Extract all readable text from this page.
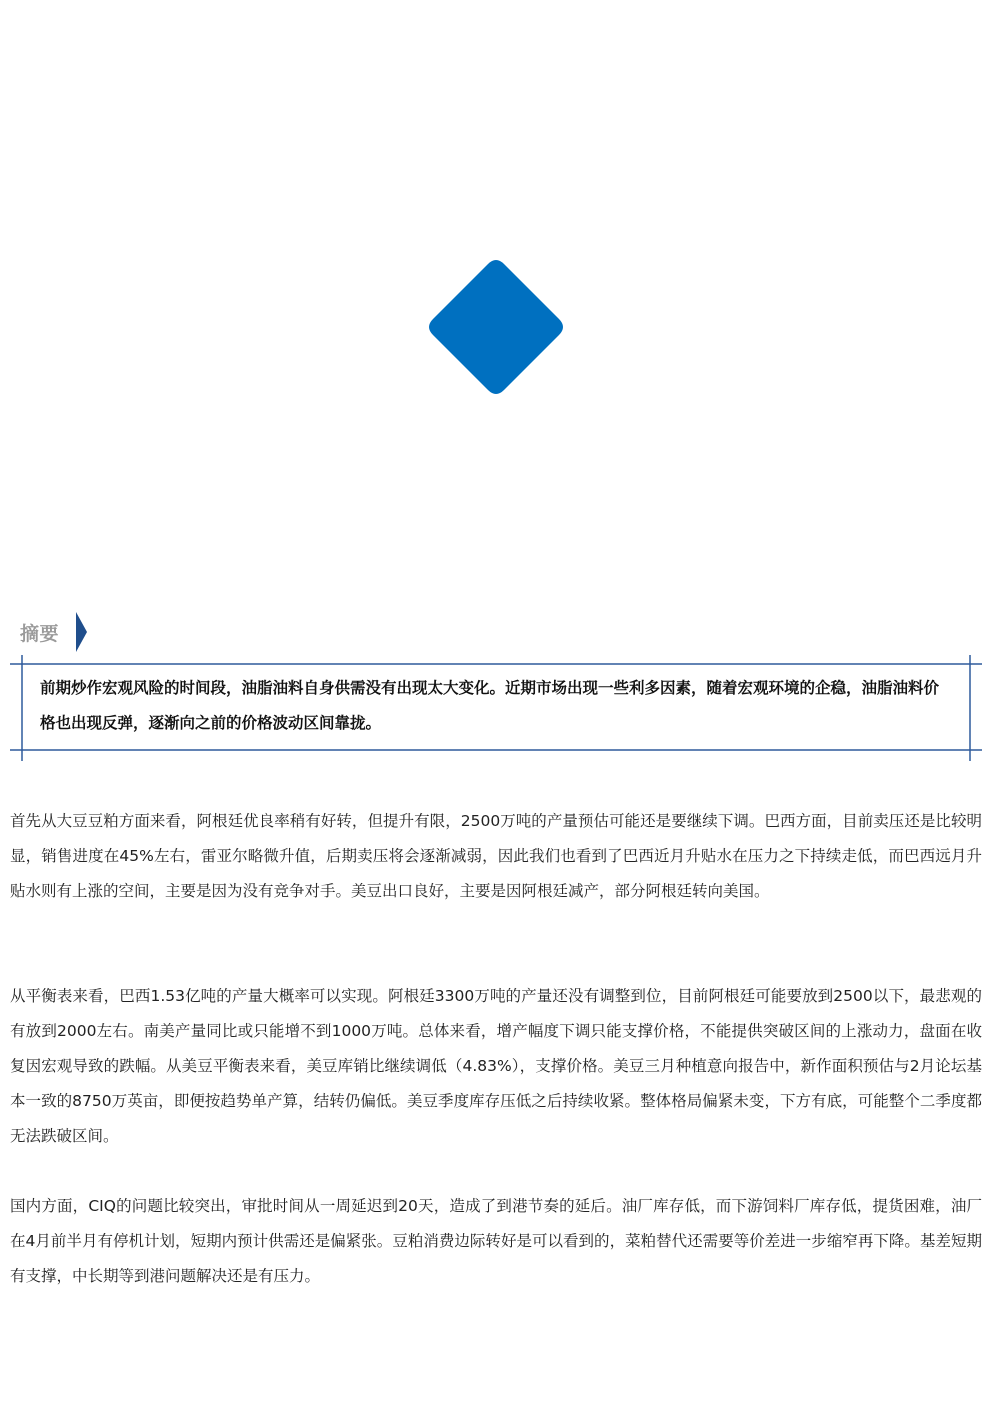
摘要

前期炒作宏观风险的时间段，油脂油料自身供需没有出现太大变化。近期市场出现一些利多因素，随着宏观环境的企稳，油脂油料价格也出现反弹，逐渐向之前的价格波动区间靠拢。

首先从大豆豆粕方面来看，阿根廷优良率稍有好转，但提升有限，2500万吨的产量预估可能还是要继续下调。巴西方面，目前卖压还是比较明显，销售进度在45%左右，雷亚尔略微升值，后期卖压将会逐渐减弱，因此我们也看到了巴西近月升贴水在压力之下持续走低，而巴西远月升贴水则有上涨的空间，主要是因为没有竞争对手。美豆出口良好，主要是因阿根廷减产，部分阿根廷转向美国。

从平衡表来看，巴西1.53亿吨的产量大概率可以实现。阿根廷3300万吨的产量还没有调整到位，目前阿根廷可能要放到2500以下，最悲观的有放到2000左右。南美产量同比或只能增不到1000万吨。总体来看，增产幅度下调只能支撑价格，不能提供突破区间的上涨动力，盘面在收复因宏观导致的跌幅。从美豆平衡表来看，美豆库销比继续调低（4.83%），支撑价格。美豆三月种植意向报告中，新作面积预估与2月论坛基本一致的8750万英亩，即便按趋势单产算，结转仍偏低。美豆季度库存压低之后持续收紧。整体格局偏紧未变，下方有底，可能整个二季度都无法跌破区间。

国内方面，CIQ的问题比较突出，审批时间从一周延迟到20天，造成了到港节奏的延后。油厂库存低，而下游饲料厂库存低，提货困难，油厂在4月前半月有停机计划，短期内预计供需还是偏紧张。豆粕消费边际转好是可以看到的，菜粕替代还需要等价差进一步缩窄再下降。基差短期有支撑，中长期等到港问题解决还是有压力。
